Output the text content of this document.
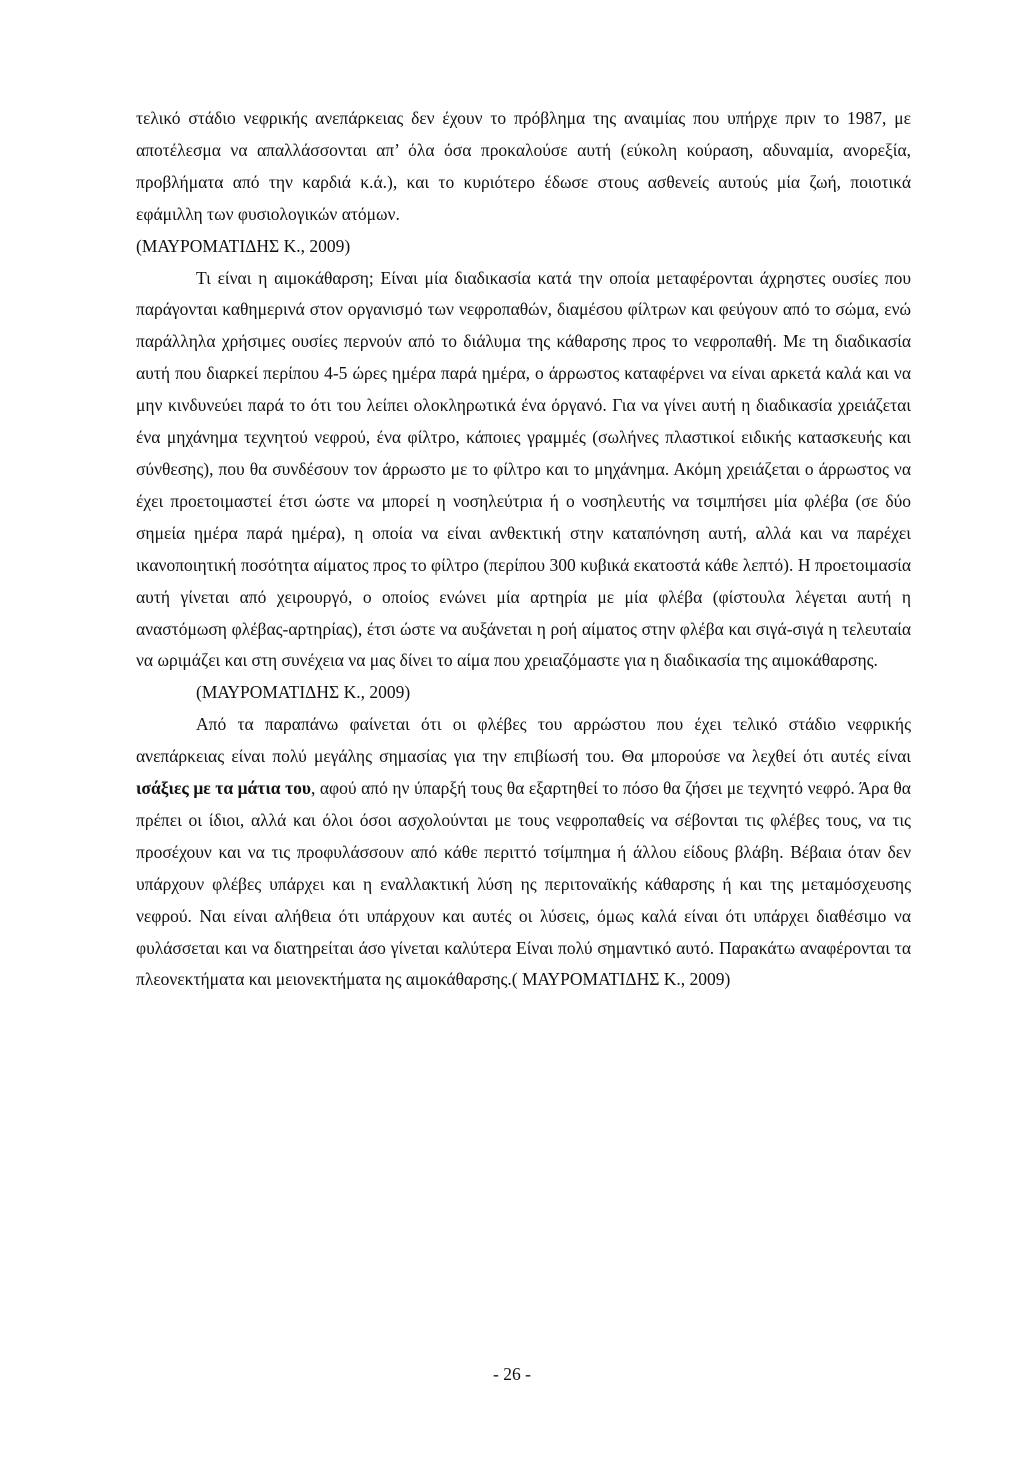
τελικό στάδιο νεφρικής ανεπάρκειας δεν έχουν το πρόβλημα της αναιμίας που υπήρχε πριν το 1987, με αποτέλεσμα να απαλλάσσονται απ’ όλα όσα προκαλούσε αυτή (εύκολη κούραση, αδυναμία, ανορεξία, προβλήματα από την καρδιά κ.ά.), και το κυριότερο έδωσε στους ασθενείς αυτούς μία ζωή, ποιοτικά εφάμιλλη των φυσιολογικών ατόμων.
(ΜΑΥΡΟΜΑΤΙΔΗΣ Κ., 2009)

Τι είναι η αιμοκάθαρση; Είναι μία διαδικασία κατά την οποία μεταφέρονται άχρηστες ουσίες που παράγονται καθημερινά στον οργανισμό των νεφροπαθών, διαμέσου φίλτρων και φεύγουν από το σώμα, ενώ παράλληλα χρήσιμες ουσίες περνούν από το διάλυμα της κάθαρσης προς το νεφροπαθή. Με τη διαδικασία αυτή που διαρκεί περίπου 4-5 ώρες ημέρα παρά ημέρα, ο άρρωστος καταφέρνει να είναι αρκετά καλά και να μην κινδυνεύει παρά το ότι του λείπει ολοκληρωτικά ένα όργανό. Για να γίνει αυτή η διαδικασία χρειάζεται ένα μηχάνημα τεχνητού νεφρού, ένα φίλτρο, κάποιες γραμμές (σωλήνες πλαστικοί ειδικής κατασκευής και σύνθεσης), που θα συνδέσουν τον άρρωστο με το φίλτρο και το μηχάνημα. Ακόμη χρειάζεται ο άρρωστος να έχει προετοιμαστεί έτσι ώστε να μπορεί η νοσηλεύτρια ή ο νοσηλευτής να τσιμπήσει μία φλέβα (σε δύο σημεία ημέρα παρά ημέρα), η οποία να είναι ανθεκτική στην καταπόνηση αυτή, αλλά και να παρέχει ικανοποιητική ποσότητα αίματος προς το φίλτρο (περίπου 300 κυβικά εκατοστά κάθε λεπτό). Η προετοιμασία αυτή γίνεται από χειρουργό, ο οποίος ενώνει μία αρτηρία με μία φλέβα (φίστουλα λέγεται αυτή η αναστόμωση φλέβας-αρτηρίας), έτσι ώστε να αυξάνεται η ροή αίματος στην φλέβα και σιγά-σιγά η τελευταία να ωριμάζει και στη συνέχεια να μας δίνει το αίμα που χρειαζόμαστε για η διαδικασία της αιμοκάθαρσης.
(ΜΑΥΡΟΜΑΤΙΔΗΣ Κ., 2009)

Από τα παραπάνω φαίνεται ότι οι φλέβες του αρρώστου που έχει τελικό στάδιο νεφρικής ανεπάρκειας είναι πολύ μεγάλης σημασίας για την επιβίωσή του. Θα μπορούσε να λεχθεί ότι αυτές είναι ισάξιες με τα μάτια του, αφού από ην ύπαρξή τους θα εξαρτηθεί το πόσο θα ζήσει με τεχνητό νεφρό. Άρα θα πρέπει οι ίδιοι, αλλά και όλοι όσοι ασχολούνται με τους νεφροπαθείς να σέβονται τις φλέβες τους, να τις προσέχουν και να τις προφυλάσσουν από κάθε περιττό τσίμπημα ή άλλου είδους βλάβη. Βέβαια όταν δεν υπάρχουν φλέβες υπάρχει και η εναλλακτική λύση ης περιτοναϊκής κάθαρσης ή και της μεταμόσχευσης νεφρού. Ναι είναι αλήθεια ότι υπάρχουν και αυτές οι λύσεις, όμως καλά είναι ότι υπάρχει διαθέσιμο να φυλάσσεται και να διατηρείται άσο γίνεται καλύτερα Είναι πολύ σημαντικό αυτό. Παρακάτω αναφέρονται τα πλεονεκτήματα και μειονεκτήματα ης αιμοκάθαρσης.( ΜΑΥΡΟΜΑΤΙΔΗΣ Κ., 2009)

- 26 -
